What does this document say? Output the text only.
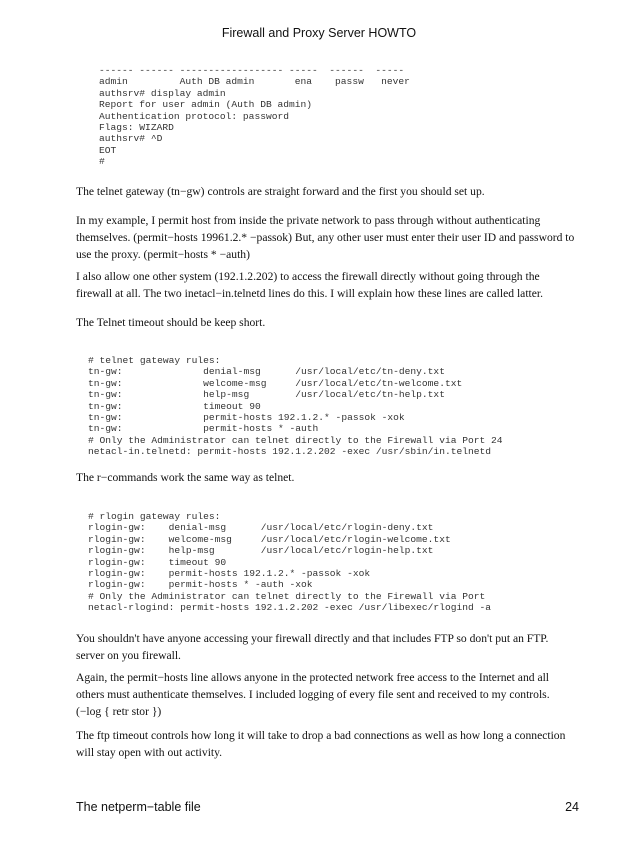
Firewall and Proxy Server HOWTO
------ ------ ------------------ -----  ------  -----
admin         Auth DB admin       ena    passw   never
authsrv# display admin
Report for user admin (Auth DB admin)
Authentication protocol: password
Flags: WIZARD
authsrv# ^D
EOT
#

The telnet gateway (tn−gw) controls are straight forward and the first you should set up.

In my example, I permit host from inside the private network to pass through without authenticating themselves. (permit−hosts 19961.2.* −passok) But, any other user must enter their user ID and password to use the proxy. (permit−hosts * −auth)

I also allow one other system (192.1.2.202) to access the firewall directly without going through the firewall at all. The two inetacl−in.telnetd lines do this. I will explain how these lines are called latter.

The Telnet timeout should be keep short.

# telnet gateway rules:
tn-gw:              denial-msg      /usr/local/etc/tn-deny.txt
tn-gw:              welcome-msg     /usr/local/etc/tn-welcome.txt
tn-gw:              help-msg        /usr/local/etc/tn-help.txt
tn-gw:              timeout 90
tn-gw:              permit-hosts 192.1.2.* -passok -xok
tn-gw:              permit-hosts * -auth
# Only the Administrator can telnet directly to the Firewall via Port 24
netacl-in.telnetd: permit-hosts 192.1.2.202 -exec /usr/sbin/in.telnetd

The r−commands work the same way as telnet.

# rlogin gateway rules:
rlogin-gw:    denial-msg      /usr/local/etc/rlogin-deny.txt
rlogin-gw:    welcome-msg     /usr/local/etc/rlogin-welcome.txt
rlogin-gw:    help-msg        /usr/local/etc/rlogin-help.txt
rlogin-gw:    timeout 90
rlogin-gw:    permit-hosts 192.1.2.* -passok -xok
rlogin-gw:    permit-hosts * -auth -xok
# Only the Administrator can telnet directly to the Firewall via Port
netacl-rlogind: permit-hosts 192.1.2.202 -exec /usr/libexec/rlogind -a

You shouldn't have anyone accessing your firewall directly and that includes FTP so don't put an FTP. server on you firewall.

Again, the permit−hosts line allows anyone in the protected network free access to the Internet and all others must authenticate themselves. I included logging of every file sent and received to my controls. (−log { retr stor })

The ftp timeout controls how long it will take to drop a bad connections as well as how long a connection will stay open with out activity.

The netperm−table file	24
